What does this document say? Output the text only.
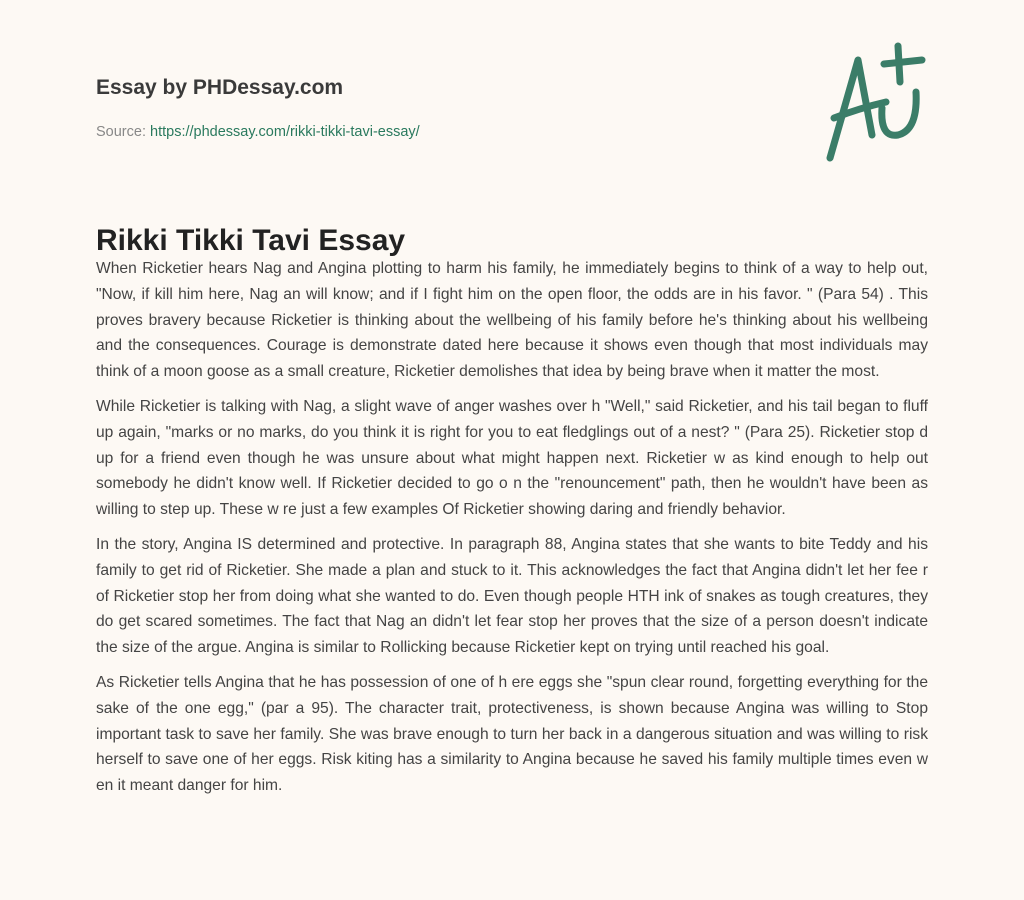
Essay by PHDessay.com
Source: https://phdessay.com/rikki-tikki-tavi-essay/
Rikki Tikki Tavi Essay

When Ricketier hears Nag and Angina plotting to harm his family, he immediately begins to think of a way to help out, "Now, if kill him here, Nag an will know; and if I fight him on the open floor, the odds are in his favor. " (Para 54) . This proves bravery because Ricketier is thinking about the wellbeing of his family before he's thinking about his wellbeing and the consequences. Courage is demonstrate dated here because it shows even though that most individuals may think of a moon goose as a small creature, Ricketier demolishes that idea by being brave when it matter the most.

While Ricketier is talking with Nag, a slight wave of anger washes over h "Well," said Ricketier, and his tail began to fluff up again, "marks or no marks, do you think it is right for you to eat fledglings out of a nest? " (Para 25). Ricketier stop d up for a friend even though he was unsure about what might happen next. Ricketier w as kind enough to help out somebody he didn't know well. If Ricketier decided to go o n the "renouncement" path, then he wouldn't have been as willing to step up. These w re just a few examples Of Ricketier showing daring and friendly behavior.

In the story, Angina IS determined and protective. In paragraph 88, Angina states that she wants to bite Teddy and his family to get rid of Ricketier. She made a plan and stuck to it. This acknowledges the fact that Angina didn't let her fee r of Ricketier stop her from doing what she wanted to do. Even though people HTH ink of snakes as tough creatures, they do get scared sometimes. The fact that Nag an didn't let fear stop her proves that the size of a person doesn't indicate the size of the argue. Angina is similar to Rollicking because Ricketier kept on trying until reached his goal.

As Ricketier tells Angina that he has possession of one of h ere eggs she "spun clear round, forgetting everything for the sake of the one egg," (par a 95). The character trait, protectiveness, is shown because Angina was willing to Stop important task to save her family. She was brave enough to turn her back in a dangerous situation and was willing to risk herself to save one of her eggs. Risk kiting has a similarity to Angina because he saved his family multiple times even w en it meant danger for him.
